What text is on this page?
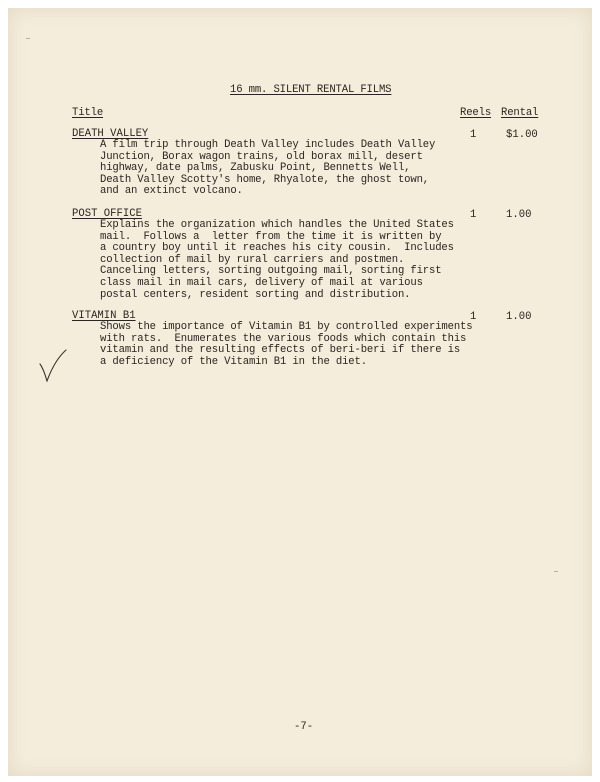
16 mm. SILENT RENTAL FILMS
Title	Reels Rental
DEATH VALLEY	1	$1.00
A film trip through Death Valley includes Death Valley
Junction, Borax wagon trains, old borax mill, desert
highway, date palms, Zabusku Point, Bennetts Well,
Death Valley Scotty's home, Rhyalote, the ghost town,
and an extinct volcano.
POST OFFICE	1	1.00
Explains the organization which handles the United States
mail.  Follows a  letter from the time it is written by
a country boy until it reaches his city cousin.  Includes
collection of mail by rural carriers and postmen.
Canceling letters, sorting outgoing mail, sorting first
class mail in mail cars, delivery of mail at various
postal centers, resident sorting and distribution.
VITAMIN B1	1	1.00
Shows the importance of Vitamin B1 by controlled experiments
with rats.  Enumerates the various foods which contain this
vitamin and the resulting effects of beri-beri if there is
a deficiency of the Vitamin B1 in the diet.
-7-
